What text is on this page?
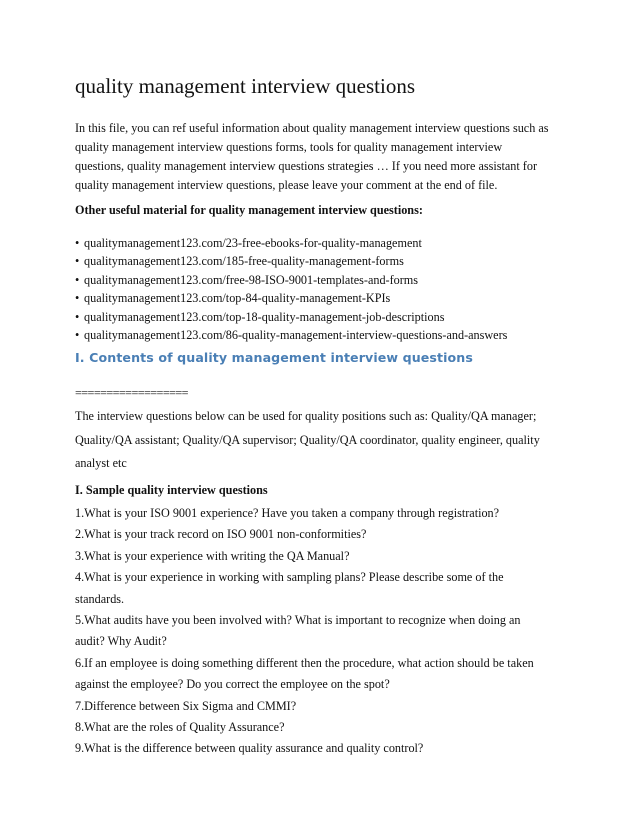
quality management interview questions

In this file, you can ref useful information about quality management interview questions such as
quality management interview questions forms, tools for quality management interview
questions, quality management interview questions strategies … If you need more assistant for
quality management interview questions, please leave your comment at the end of file.

Other useful material for quality management interview questions:

• qualitymanagement123.com/23-free-ebooks-for-quality-management
• qualitymanagement123.com/185-free-quality-management-forms
• qualitymanagement123.com/free-98-ISO-9001-templates-and-forms
• qualitymanagement123.com/top-84-quality-management-KPIs
• qualitymanagement123.com/top-18-quality-management-job-descriptions
• qualitymanagement123.com/86-quality-management-interview-questions-and-answers
I. Contents of quality management interview questions

==================

The interview questions below can be used for quality positions such as: Quality/QA manager;
Quality/QA assistant; Quality/QA supervisor; Quality/QA coordinator, quality engineer, quality
analyst etc

I. Sample quality interview questions

1.What is your ISO 9001 experience? Have you taken a company through registration?
2.What is your track record on ISO 9001 non-conformities?
3.What is your experience with writing the QA Manual?
4.What is your experience in working with sampling plans? Please describe some of the
standards.
5.What audits have you been involved with? What is important to recognize when doing an
audit? Why Audit?
6.If an employee is doing something different then the procedure, what action should be taken
against the employee? Do you correct the employee on the spot?
7.Difference between Six Sigma and CMMI?
8.What are the roles of Quality Assurance?
9.What is the difference between quality assurance and quality control?
